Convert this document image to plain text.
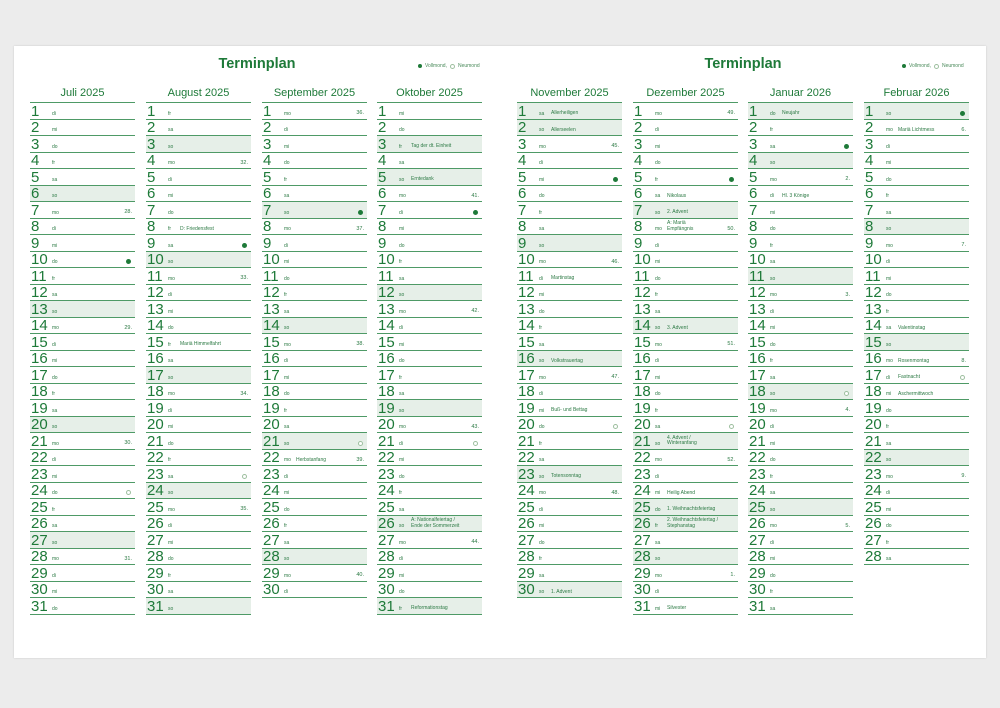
Terminplan	Vollmond, Neumond
Juli 2025
1	di
2	mi
3	do
4	fr
5	sa
6	so
7	mo	28.
8	di
9	mi
10 do
11 fr
12 sa
13 so
14 mo	29.
15 di
16 mi
17 do
18 fr
19 sa
20 so
21 mo	30.
22 di
23 mi
24 do
25 fr
26 sa
27 so
28 mo	31.
29 di
30 mi
31 do
August 2025
1	fr
2	sa
3	so
4	mo	32.
5	di
6	mi
7	do
8	fr D: Friedensfest
9	sa
10 so
11 mo	33.
12 di
13 mi
14 do
15 fr Mariä Himmelfahrt
16 sa
17 so
18 mo	34.
19 di
20 mi
21 do
22 fr
23 sa
24 so
25 mo	35.
26 di
27 mi
28 do
29 fr
30 sa
31 so
September 2025
1	mo	36.
2	di
3	mi
4	do
5	fr
6	sa
7	so
8	mo	37.
9	di
10 mi
11 do
12 fr
13 sa
14 so
15 mo	38.
16 di
17 mi
18 do
19 fr
20 sa
21 so
22 mo Herbstanfang	39.
23 di
24 mi
25 do
26 fr
27 sa
28 so
29 mo	40.
30 di
Oktober 2025
1	mi
2	do
3	fr Tag der dt. Einheit
4	sa
5	so Erntedank
6	mo	41.
7	di
8	mi
9	do
10 fr
11 sa
12 so
13 mo	42.
14 di
15 mi
16 do
17 fr
18 sa
19 so
20 mo	43.
21 di
22 mi
23 do
24 fr
25 sa
26 so
A: Nationalfeiertag /
Ende der Sommerzeit
27 mo	44.
28 di
29 mi
30 do
31 fr Reformationstag
Terminplan	Vollmond, Neumond
November 2025
1	sa Allerheiligen
2	so Allerseelen
3	mo	45.
4	di
5	mi
6	do
7	fr
8	sa
9	so
10 mo	46.
11 di Martinstag
12 mi
13 do
14 fr
15 sa
16 so Volkstrauertag
17 mo	47.
18 di
19 mi Buß- und Bettag
20 do
21 fr
22 sa
23 so Totensonntag
24 mo	48.
25 di
26 mi
27 do
28 fr
29 sa
30 so 1. Advent
Dezember 2025
1	mo	49.
2	di
3	mi
4	do
5	fr
6	sa Nikolaus
7	so 2. Advent
8	mo
A: Mariä
Empfängnis	50.
9	di
10 mi
11 do
12 fr
13 sa
14 so 3. Advent
15 mo	51.
16 di
17 mi
18 do
19 fr
20 sa
21 so
4. Advent /
Winteranfang
22 mo	52.
23 di
24 mi Heilig Abend
25 do 1. Weihnachtsfeiertag
26 fr
2. Weihnachtsfeiertag /
Stephanstag
27 sa
28 so
29 mo	1.
30 di
31 mi Silvester
Januar 2026
1	do Neujahr
2	fr
3	sa
4	so
5	mo	2.
6	di Hl. 3 Könige
7	mi
8	do
9	fr
10 sa
11 so
12 mo	3.
13 di
14 mi
15 do
16 fr
17 sa
18 so
19 mo	4.
20 di
21 mi
22 do
23 fr
24 sa
25 so
26 mo	5.
27 di
28 mi
29 do
30 fr
31 sa
Februar 2026
1	so
2	mo Mariä Lichtmess	6.
3	di
4	mi
5	do
6	fr
7	sa
8	so
9	mo	7.
10 di
11 mi
12 do
13 fr
14 sa Valentinstag
15 so
16 mo Rosenmontag	8.
17 di Fastnacht
18 mi Aschermittwoch
19 do
20 fr
21 sa
22 so
23 mo	9.
24 di
25 mi
26 do
27 fr
28 sa
